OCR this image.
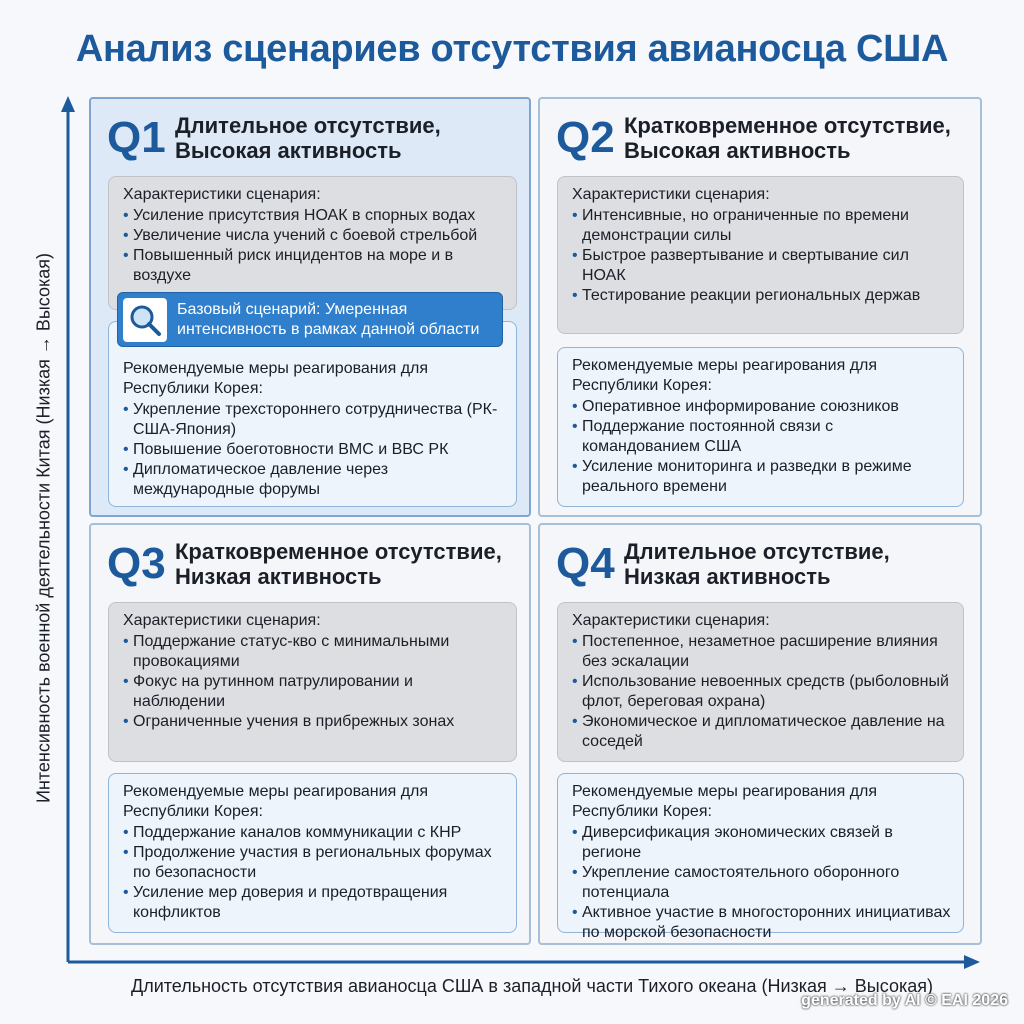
Анализ сценариев отсутствия авианосца США
Интенсивность военной деятельности Китая (Низкая → Высокая)
Длительность отсутствия авианосца США в западной части Тихого океана (Низкая → Высокая)
Q1 Длительное отсутствие,
Высокая активность
Характеристики сценария:
• Усиление присутствия НОАК в спорных водах
• Увеличение числа учений с боевой стрельбой
• Повышенный риск инцидентов на море и в воздухе
Рекомендуемые меры реагирования для Республики Корея:
• Укрепление трехстороннего сотрудничества (РК-США-Япония)
• Повышение боеготовности ВМС и ВВС РК
• Дипломатическое давление через международные форумы
Базовый сценарий: Умеренная
интенсивность в рамках данной области
Q2 Кратковременное отсутствие,
Высокая активность
Характеристики сценария:
• Интенсивные, но ограниченные по времени демонстрации силы
• Быстрое развертывание и свертывание сил НОАК
• Тестирование реакции региональных держав
Рекомендуемые меры реагирования для Республики Корея:
• Оперативное информирование союзников
• Поддержание постоянной связи с командованием США
• Усиление мониторинга и разведки в режиме реального времени
Q3 Кратковременное отсутствие,
Низкая активность
Характеристики сценария:
• Поддержание статус-кво с минимальными провокациями
• Фокус на рутинном патрулировании и наблюдении
• Ограниченные учения в прибрежных зонах
Рекомендуемые меры реагирования для Республики Корея:
• Поддержание каналов коммуникации с КНР
• Продолжение участия в региональных форумах по безопасности
• Усиление мер доверия и предотвращения конфликтов
Q4 Длительное отсутствие,
Низкая активность
Характеристики сценария:
• Постепенное, незаметное расширение влияния без эскалации
• Использование невоенных средств (рыболовный флот, береговая охрана)
• Экономическое и дипломатическое давление на соседей
Рекомендуемые меры реагирования для Республики Корея:
• Диверсификация экономических связей в регионе
• Укрепление самостоятельного оборонного потенциала
• Активное участие в многосторонних инициативах по морской безопасности
generated by AI © EAI 2026
